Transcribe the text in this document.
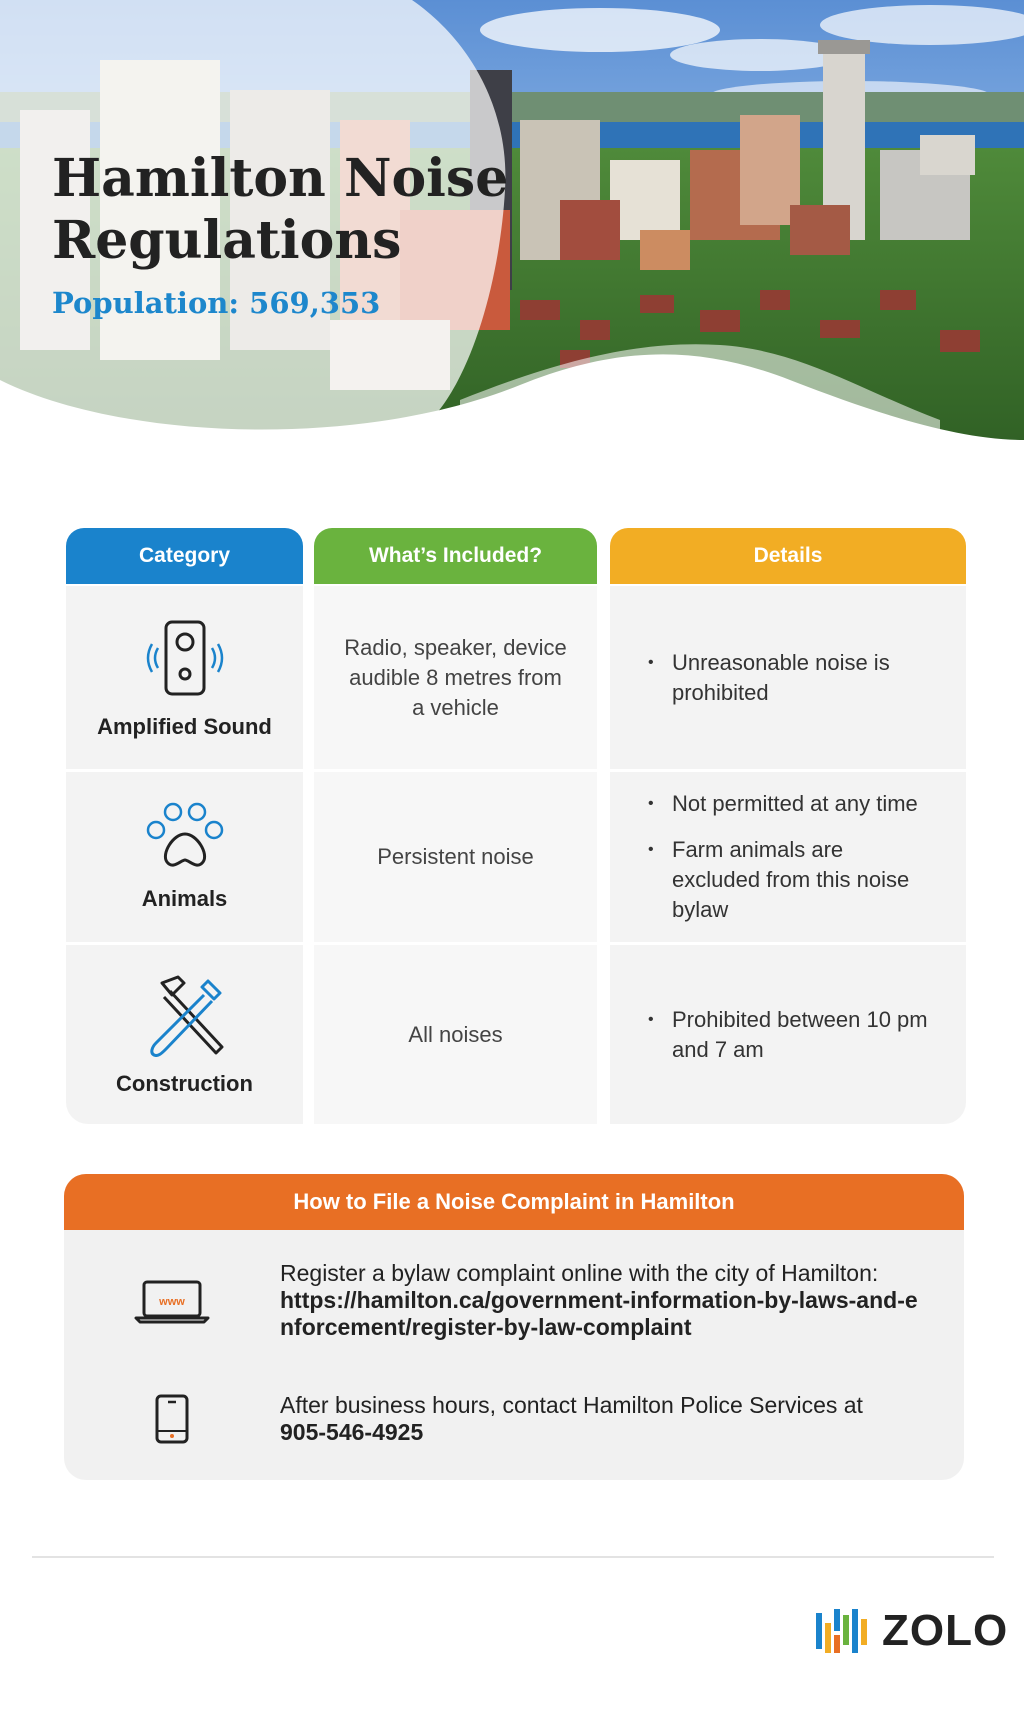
Hamilton Noise
Regulations
Population: 569,353
Category	What’s Included?	Details
Amplified Sound
Radio, speaker, device audible 8 metres from a vehicle
• Unreasonable noise is prohibited
Animals
Persistent noise
• Not permitted at any time
• Farm animals are excluded from this noise bylaw
Construction
All noises
• Prohibited between 10 pm and 7 am
How to File a Noise Complaint in Hamilton
www
Register a bylaw complaint online with the city of Hamilton:
https://hamilton.ca/government-information-by-laws-and-enforcement/register-by-law-complaint
After business hours, contact Hamilton Police Services at 905-546-4925
ZOLO
